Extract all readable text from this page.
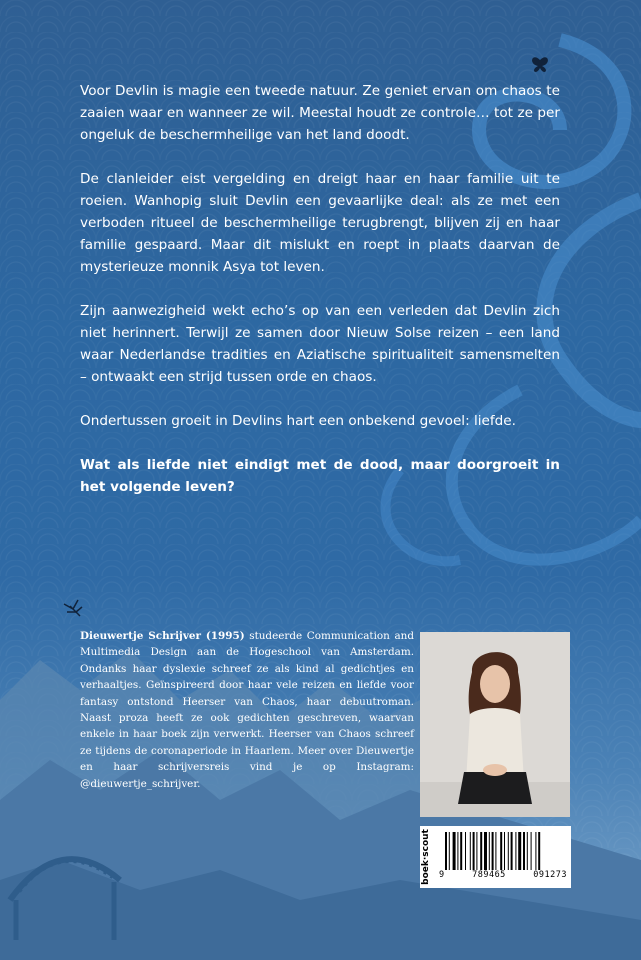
Voor Devlin is magie een tweede natuur. Ze geniet ervan om chaos te zaaien waar en wanneer ze wil. Meestal houdt ze controle… tot ze per ongeluk de beschermheilige van het land doodt.

De clanleider eist vergelding en dreigt haar en haar familie uit te roeien. Wanhopig sluit Devlin een gevaarlijke deal: als ze met een verboden ritueel de beschermheilige terugbrengt, blijven zij en haar familie gespaard. Maar dit mislukt en roept in plaats daarvan de mysterieuze monnik Asya tot leven.

Zijn aanwezigheid wekt echo’s op van een verleden dat Devlin zich niet herinnert. Terwijl ze samen door Nieuw Solse reizen – een land waar Nederlandse tradities en Aziatische spiritualiteit samensmelten – ontwaakt een strijd tussen orde en chaos.

Ondertussen groeit in Devlins hart een onbekend gevoel: liefde.

Wat als liefde niet eindigt met de dood, maar doorgroeit in het volgende leven?

Dieuwertje Schrijver (1995) studeerde Communication and Multimedia Design aan de Hogeschool van Amsterdam. Ondanks haar dyslexie schreef ze als kind al gedichtjes en verhaaltjes. Geïnspireerd door haar vele reizen en liefde voor fantasy ontstond Heerser van Chaos, haar debuutroman. Naast proza heeft ze ook gedichten geschreven, waarvan enkele in haar boek zijn verwerkt. Heerser van Chaos schreef ze tijdens de coronaperiode in Haarlem. Meer over Dieuwertje en haar schrijversreis vind je op Instagram: @dieuwertje_schrijver.
9	789465	091273
boek·scout
